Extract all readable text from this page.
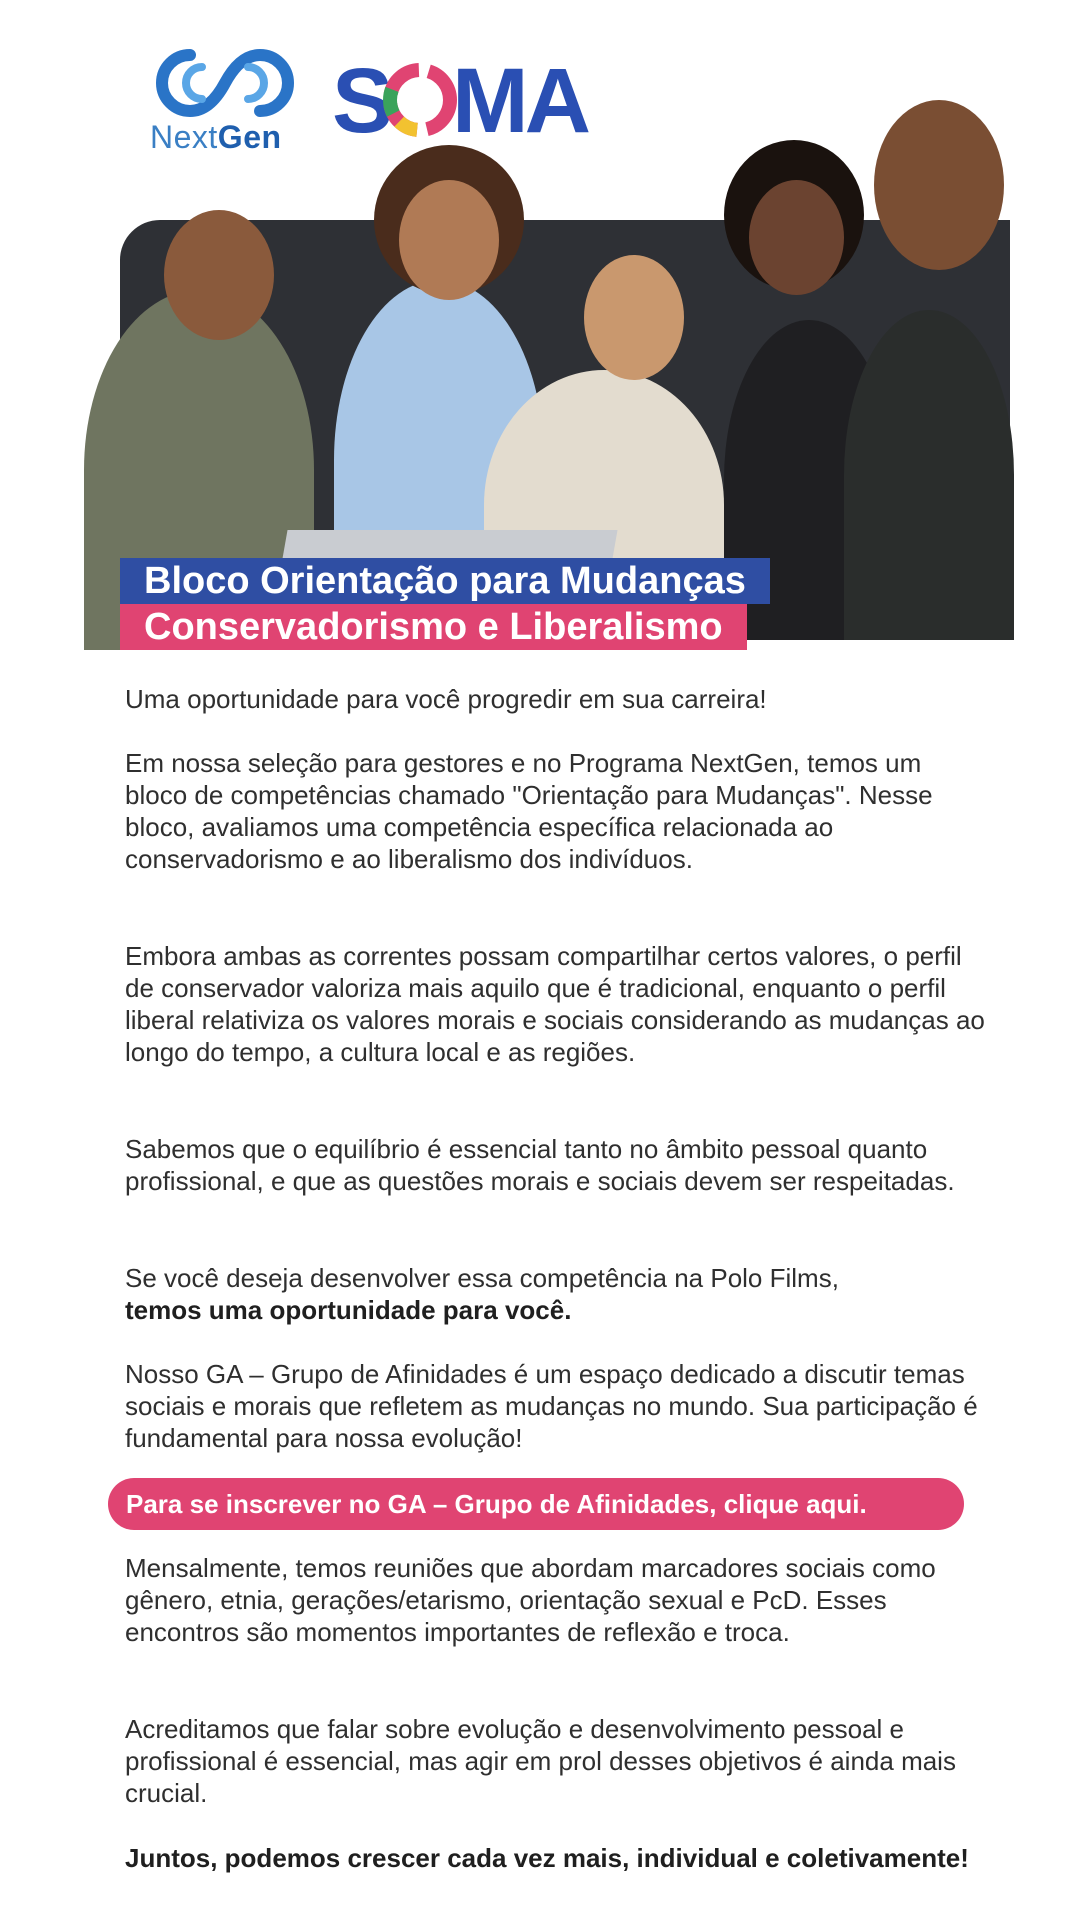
NextGen S MA
Bloco Orientação para Mudanças
Conservadorismo e Liberalismo
Uma oportunidade para você progredir em sua carreira!
Em nossa seleção para gestores e no Programa NextGen, temos um bloco de competências chamado "Orientação para Mudanças". Nesse bloco, avaliamos uma competência específica relacionada ao conservadorismo e ao liberalismo dos indivíduos.
Embora ambas as correntes possam compartilhar certos valores, o perfil de conservador valoriza mais aquilo que é tradicional, enquanto o perfil liberal relativiza os valores morais e sociais considerando as mudanças ao longo do tempo, a cultura local e as regiões.
Sabemos que o equilíbrio é essencial tanto no âmbito pessoal quanto profissional, e que as questões morais e sociais devem ser respeitadas.
Se você deseja desenvolver essa competência na Polo Films,
temos uma oportunidade para você.
Nosso GA – Grupo de Afinidades é um espaço dedicado a discutir temas sociais e morais que refletem as mudanças no mundo. Sua participação é fundamental para nossa evolução!
Para se inscrever no GA – Grupo de Afinidades, clique aqui.
Mensalmente, temos reuniões que abordam marcadores sociais como gênero, etnia, gerações/etarismo, orientação sexual e PcD. Esses encontros são momentos importantes de reflexão e troca.
Acreditamos que falar sobre evolução e desenvolvimento pessoal e profissional é essencial, mas agir em prol desses objetivos é ainda mais crucial.
Juntos, podemos crescer cada vez mais, individual e coletivamente!
